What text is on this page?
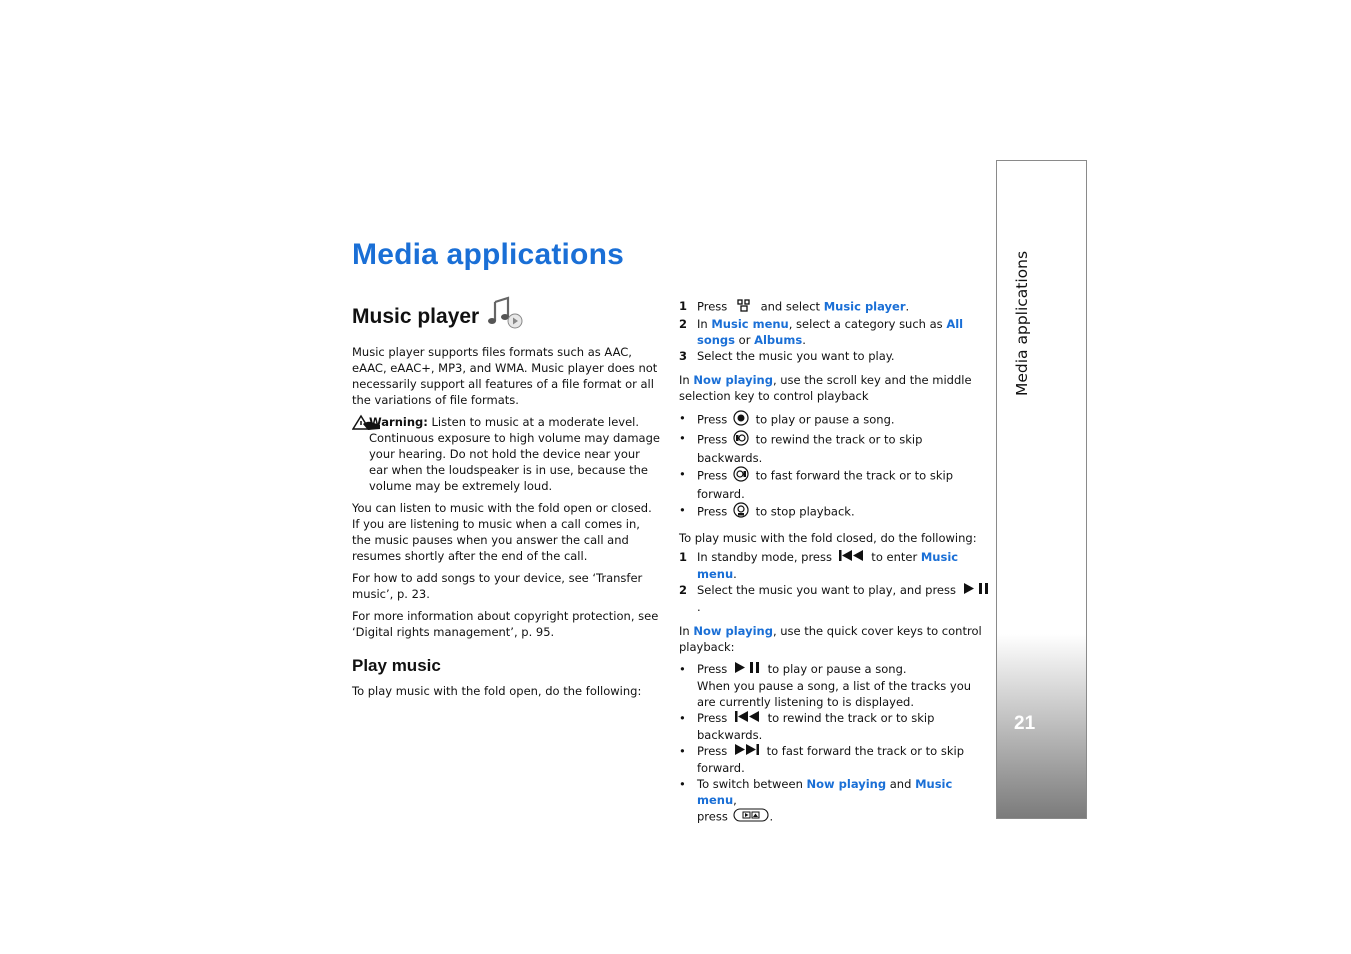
Media applications
Music player

Music player supports files formats such as AAC, eAAC, eAAC+, MP3, and WMA. Music player does not necessarily support all features of a file format or all the variations of file formats.

Warning: Listen to music at a moderate level. Continuous exposure to high volume may damage your hearing. Do not hold the device near your ear when the loudspeaker is in use, because the volume may be extremely loud.

You can listen to music with the fold open or closed. If you are listening to music when a call comes in, the music pauses when you answer the call and resumes shortly after the end of the call.

For how to add songs to your device, see ‘Transfer music’, p. 23.

For more information about copyright protection, see ‘Digital rights management’, p. 95.

Play music

To play music with the fold open, do the following:

1 Press  and select Music player.
2 In Music menu, select a category such as All songs or Albums.
3 Select the music you want to play.

In Now playing, use the scroll key and the middle selection key to control playback

• Press  to play or pause a song.
• Press  to rewind the track or to skip backwards.
• Press  to fast forward the track or to skip forward.
• Press  to stop playback.

To play music with the fold closed, do the following:

1 In standby mode, press	to enter Music menu.
2 Select the music you want to play, and press .

In Now playing, use the quick cover keys to control playback:

• Press	to play or pause a song.
When you pause a song, a list of the tracks you are currently listening to is displayed.
• Press	to rewind the track or to skip backwards.
• Press	to fast forward the track or to skip forward.
• To switch between Now playing and Music menu,
press	.
Media applications
21
